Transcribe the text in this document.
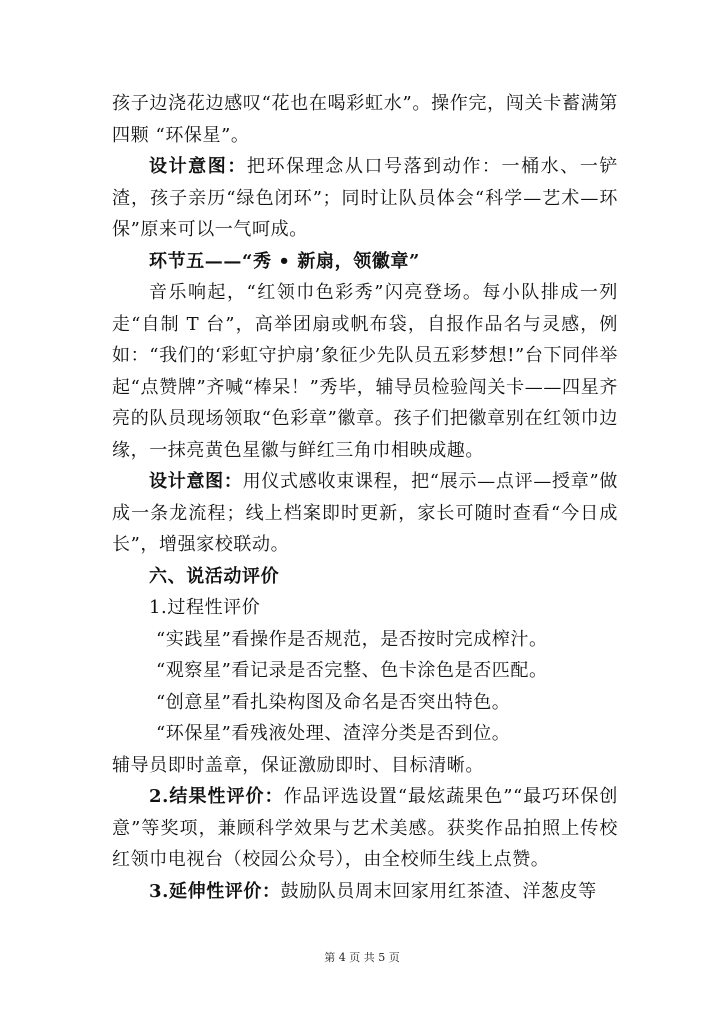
孩子边浇花边感叹“花也在喝彩虹水”。操作完，闯关卡蓄满第四颗 “环保星”。

设计意图：把环保理念从口号落到动作：一桶水、一铲渣，孩子亲历“绿色闭环”；同时让队员体会“科学—艺术—环保”原来可以一气呵成。

环节五——“秀 • 新扇，领徽章”

音乐响起，“红领巾色彩秀”闪亮登场。每小队排成一列走“自制 T 台”，高举团扇或帆布袋，自报作品名与灵感，例如：“我们的‘彩虹守护扇’象征少先队员五彩梦想!”台下同伴举起“点赞牌”齐喊“棒呆！”秀毕，辅导员检验闯关卡——四星齐亮的队员现场领取“色彩章”徽章。孩子们把徽章别在红领巾边缘，一抹亮黄色星徽与鲜红三角巾相映成趣。

设计意图：用仪式感收束课程，把“展示—点评—授章”做成一条龙流程；线上档案即时更新，家长可随时查看“今日成长”，增强家校联动。

六、说活动评价

1.过程性评价

“实践星”看操作是否规范，是否按时完成榨汁。

“观察星”看记录是否完整、色卡涂色是否匹配。

“创意星”看扎染构图及命名是否突出特色。

“环保星”看残液处理、渣滓分类是否到位。

辅导员即时盖章，保证激励即时、目标清晰。

2.结果性评价：作品评选设置“最炫蔬果色”“最巧环保创意”等奖项，兼顾科学效果与艺术美感。获奖作品拍照上传校红领巾电视台（校园公众号），由全校师生线上点赞。

3.延伸性评价：鼓励队员周末回家用红茶渣、洋葱皮等

第 4 页 共 5 页
